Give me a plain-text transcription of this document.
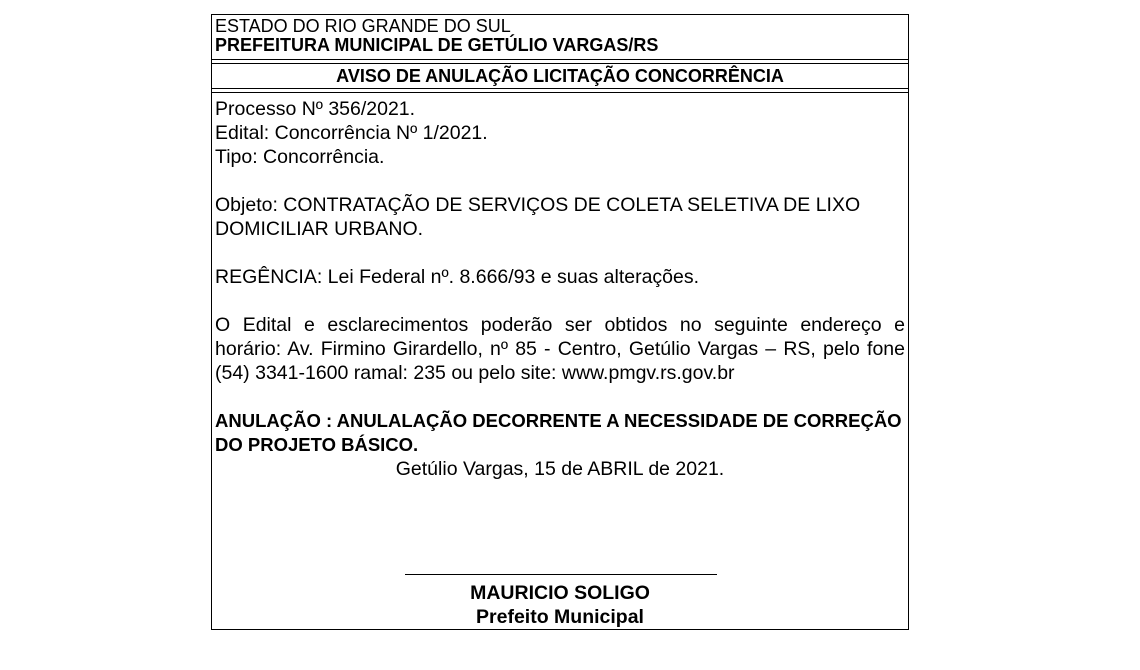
ESTADO DO RIO GRANDE DO SUL
PREFEITURA MUNICIPAL DE GETÚLIO VARGAS/RS
AVISO DE ANULAÇÃO LICITAÇÃO CONCORRÊNCIA

Processo Nº 356/2021.

Edital: Concorrência Nº 1/2021.

Tipo: Concorrência.

Objeto: CONTRATAÇÃO DE SERVIÇOS DE COLETA SELETIVA DE LIXO DOMICILIAR URBANO.

REGÊNCIA: Lei Federal nº. 8.666/93 e suas alterações.

O Edital e esclarecimentos poderão ser obtidos no seguinte endereço e horário: Av. Firmino Girardello, nº 85 - Centro, Getúlio Vargas – RS, pelo fone (54) 3341-1600 ramal: 235 ou pelo site: www.pmgv.rs.gov.br

ANULAÇÃO : ANULALAÇÃO DECORRENTE A NECESSIDADE DE CORREÇÃO DO PROJETO BÁSICO.

Getúlio Vargas, 15 de ABRIL de 2021.

MAURICIO SOLIGO
Prefeito Municipal
